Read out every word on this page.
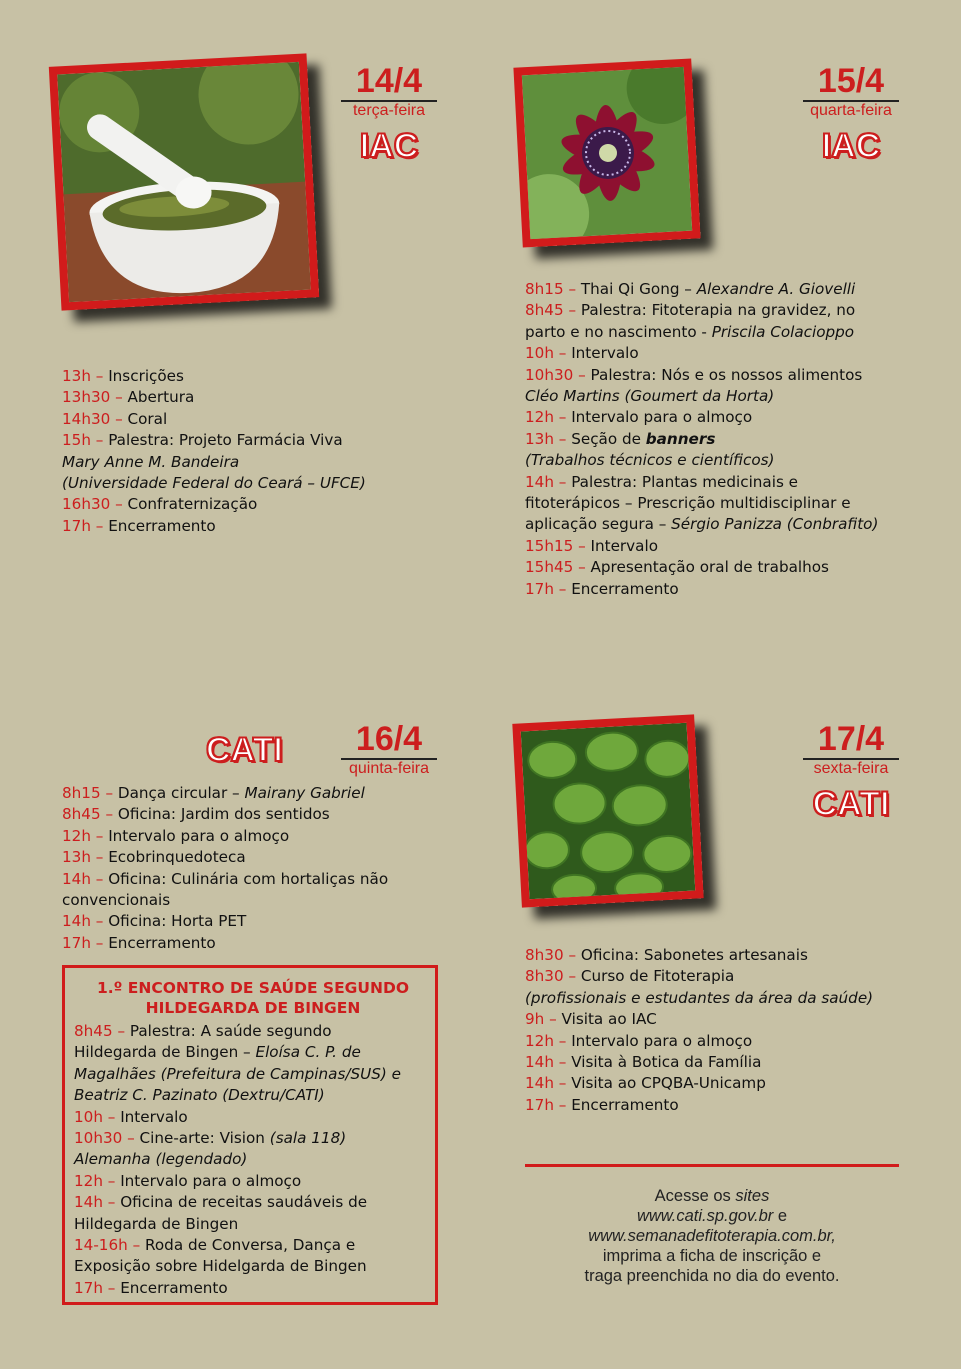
14/4
terça-feira
IAC
13h – Inscrições
13h30 – Abertura
14h30 – Coral
15h – Palestra: Projeto Farmácia Viva
Mary Anne M. Bandeira
(Universidade Federal do Ceará – UFCE)
16h30 – Confraternização
17h – Encerramento
15/4
quarta-feira
IAC
8h15 – Thai Qi Gong – Alexandre A. Giovelli
8h45 – Palestra: Fitoterapia na gravidez, no
parto e no nascimento - Priscila Colacioppo
10h – Intervalo
10h30 – Palestra: Nós e os nossos alimentos
Cléo Martins (Goumert da Horta)
12h – Intervalo para o almoço
13h – Seção de banners
(Trabalhos técnicos e científicos)
14h – Palestra: Plantas medicinais e
fitoterápicos – Prescrição multidisciplinar e
aplicação segura – Sérgio Panizza (Conbrafito)
15h15 – Intervalo
15h45 – Apresentação oral de trabalhos
17h – Encerramento
CATI	16/4
quinta-feira
8h15 – Dança circular – Mairany Gabriel
8h45 – Oficina: Jardim dos sentidos
12h – Intervalo para o almoço
13h – Ecobrinquedoteca
14h – Oficina: Culinária com hortaliças não
convencionais
14h – Oficina: Horta PET
17h – Encerramento
1.º ENCONTRO DE SAÚDE SEGUNDO
HILDEGARDA DE BINGEN
8h45 – Palestra: A saúde segundo
Hildegarda de Bingen – Eloísa C. P. de
Magalhães (Prefeitura de Campinas/SUS) e
Beatriz C. Pazinato (Dextru/CATI)
10h – Intervalo
10h30 – Cine-arte: Vision (sala 118)
Alemanha (legendado)
12h – Intervalo para o almoço
14h – Oficina de receitas saudáveis de
Hildegarda de Bingen
14-16h – Roda de Conversa, Dança e
Exposição sobre Hidelgarda de Bingen
17h – Encerramento
17/4
sexta-feira
CATI
8h30 – Oficina: Sabonetes artesanais
8h30 – Curso de Fitoterapia
(profissionais e estudantes da área da saúde)
9h – Visita ao IAC
12h – Intervalo para o almoço
14h – Visita à Botica da Família
14h – Visita ao CPQBA-Unicamp
17h – Encerramento
Acesse os sites
www.cati.sp.gov.br e
www.semanadefitoterapia.com.br,
imprima a ficha de inscrição e
traga preenchida no dia do evento.
